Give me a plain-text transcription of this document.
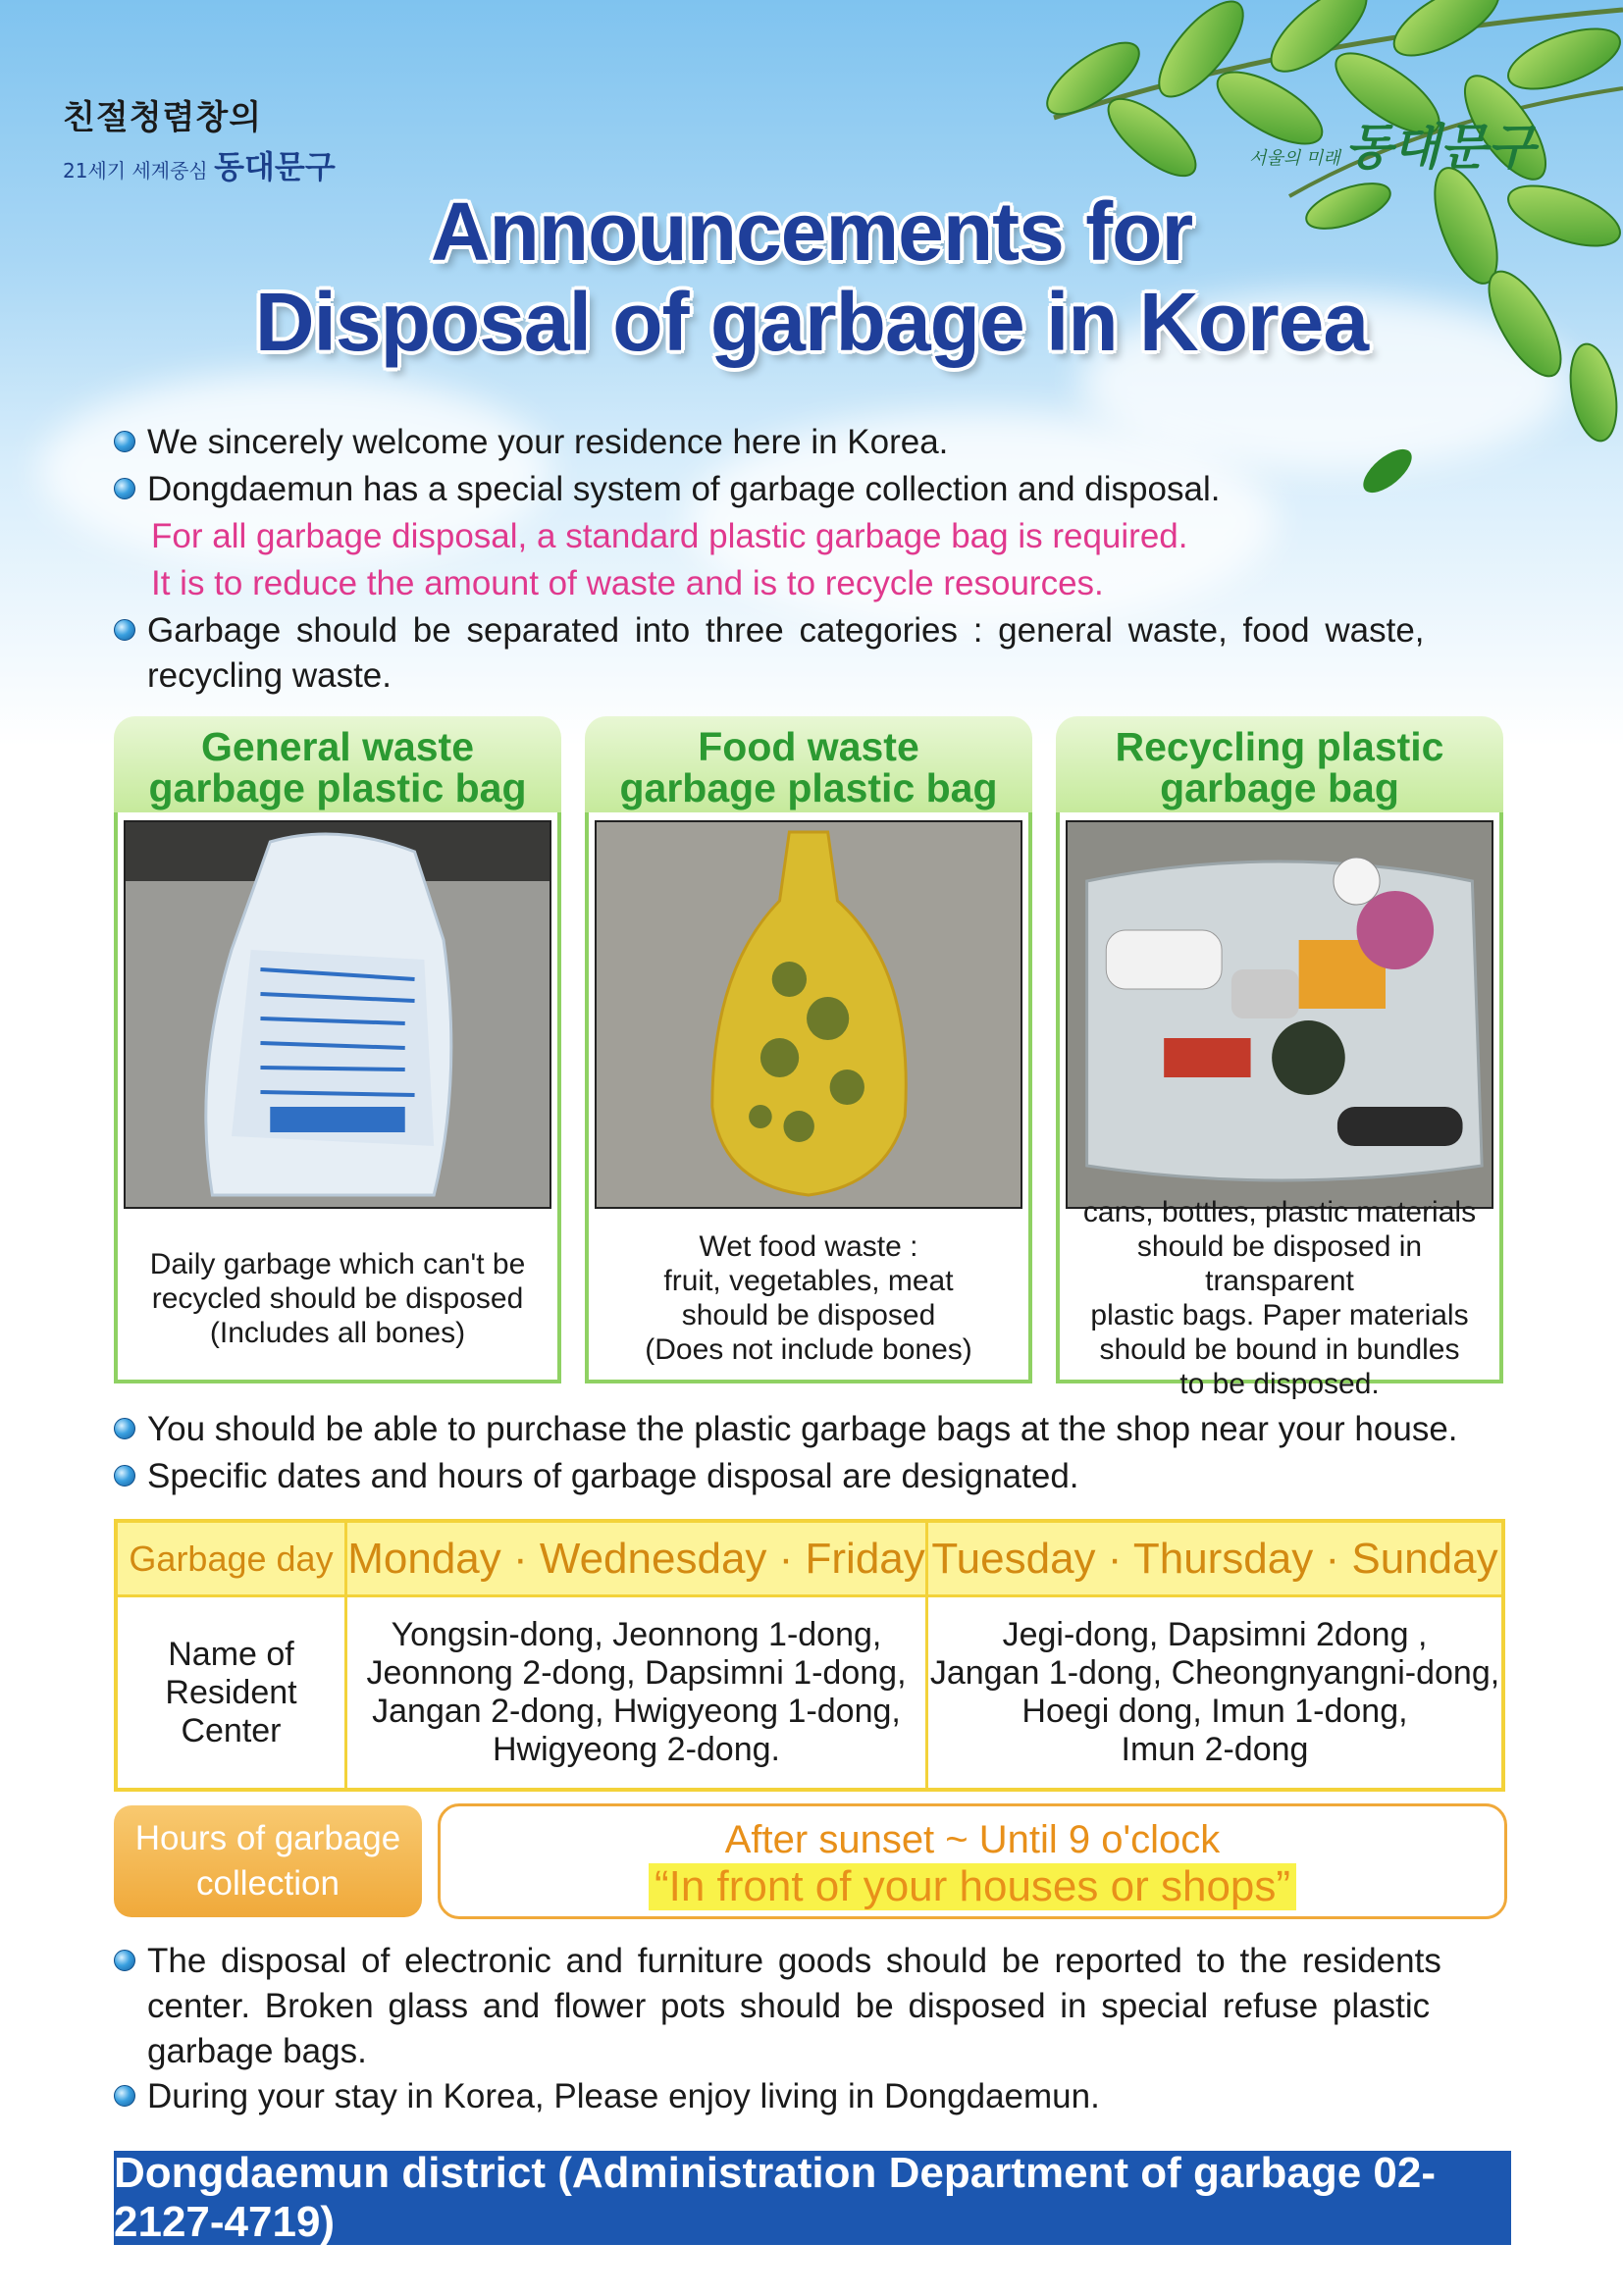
친절청렴창의
21세기 세계중심 동대문구	서울의 미래 동대문구
Announcements for
Disposal of garbage in Korea
We sincerely welcome your residence here in Korea.
Dongdaemun has a special system of garbage collection and disposal.
For all garbage disposal, a standard plastic garbage bag is required.
It is to reduce the amount of waste and is to recycle resources.
Garbage should be separated into three categories : general waste, food waste,
recycling waste.
General waste
garbage plastic bag
Daily garbage which can't be
recycled should be disposed
(Includes all bones)
Food waste
garbage plastic bag
Wet food waste :
fruit, vegetables, meat
should be disposed
(Does not include bones)
Recycling plastic
garbage bag
cans, bottles, plastic materials
should be disposed in transparent
plastic bags. Paper materials
should be bound in bundles
to be disposed.
You should be able to purchase the plastic garbage bags at the shop near your house.
Specific dates and hours of garbage disposal are designated.
Garbage day Monday · Wednesday · Friday Tuesday · Thursday · Sunday
Name of
Resident
Center
Yongsin-dong, Jeonnong 1-dong,
Jeonnong 2-dong, Dapsimni 1-dong,
Jangan 2-dong, Hwigyeong 1-dong,
Hwigyeong 2-dong.
Jegi-dong, Dapsimni 2dong ,
Jangan 1-dong, Cheongnyangni-dong,
Hoegi dong, Imun 1-dong,
Imun 2-dong
Hours of garbage
collection
After sunset ~ Until 9 o'clock
“In front of your houses or shops”
The disposal of electronic and furniture goods should be reported to the residents
center. Broken glass and flower pots should be disposed in special refuse plastic
garbage bags.
During your stay in Korea, Please enjoy living in Dongdaemun.
Dongdaemun district (Administration Department of garbage 02-2127-4719)
